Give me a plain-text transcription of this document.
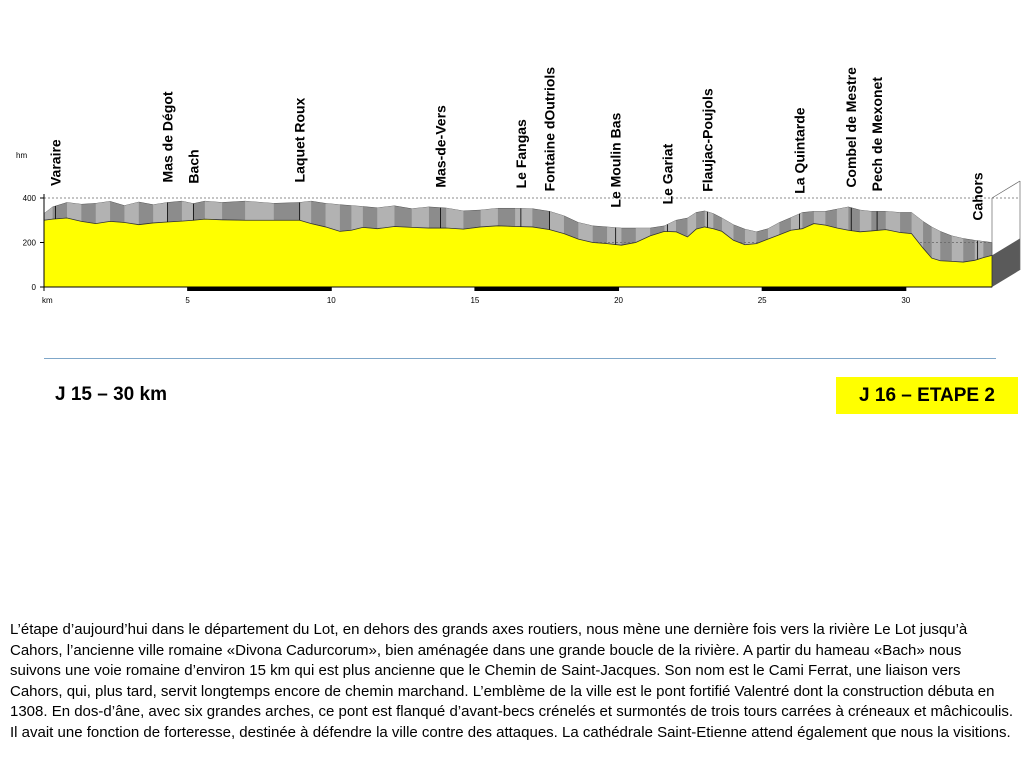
0
200
400
hm
km	5	10	15	20	25	30
Varaire	Mas de Dégot Bach	Laquet Roux	Mas-de-Vers	Le Fangas Fontaine dOutriols	Le Moulin Bas	Le Gariat Flaujac-Poujols	La Quintarde	Combel de Mestre Pech de Mexonet
Cahors
J 15 – 30 km	J 16 – ETAPE 2

L’étape d’aujourd’hui dans le département du Lot, en dehors des grands axes routiers, nous mène une dernière fois vers la rivière Le Lot jusqu’à Cahors, l’ancienne ville romaine «Divona Cadurcorum», bien aménagée dans une grande boucle de la rivière. A partir du hameau «Bach» nous suivons une voie romaine d’environ 15 km qui est plus ancienne que le Chemin de Saint-Jacques. Son nom est le Cami Ferrat, une liaison vers Cahors, qui, plus tard, servit longtemps encore de chemin marchand. L’emblème de la ville est le pont fortifié Valentré dont la construction débuta en 1308. En dos-d’âne, avec six grandes arches, ce pont est flanqué d’avant-becs crénelés et surmontés de trois tours carrées à créneaux et mâchicoulis. Il avait une fonction de forteresse, destinée à défendre la ville contre des attaques. La cathédrale Saint-Etienne attend également que nous la visitions.
